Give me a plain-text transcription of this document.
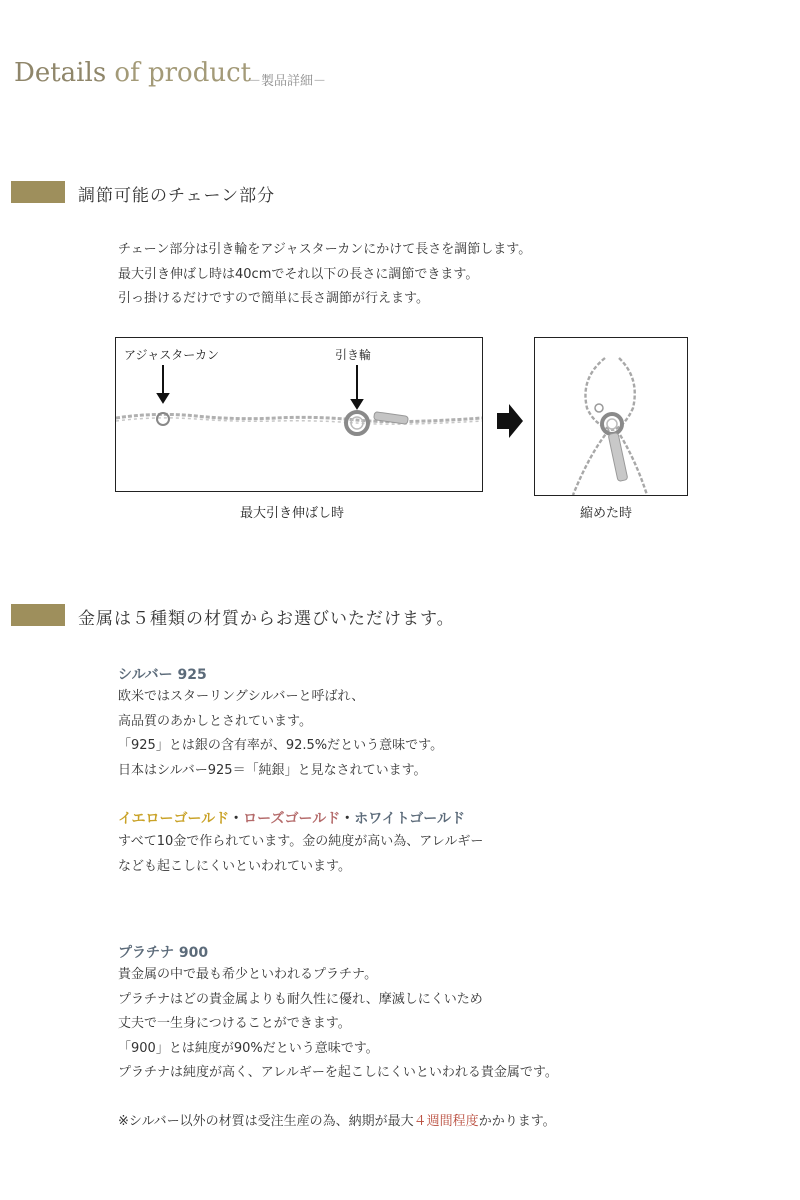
Details of product
－製品詳細－
調節可能のチェーン部分
チェーン部分は引き輪をアジャスターカンにかけて長さを調節します。
最大引き伸ばし時は40cmでそれ以下の長さに調節できます。
引っ掛けるだけですので簡単に長さ調節が行えます。
アジャスターカン	引き輪
最大引き伸ばし時	縮めた時
金属は５種類の材質からお選びいただけます。
シルバー 925
欧米ではスターリングシルバーと呼ばれ、
高品質のあかしとされています。
「925」とは銀の含有率が、92.5%だという意味です。
日本はシルバー925＝「純銀」と見なされています。
イエローゴールド・ローズゴールド・ホワイトゴールド
すべて10金で作られています。金の純度が高い為、アレルギー
なども起こしにくいといわれています。
プラチナ 900
貴金属の中で最も希少といわれるプラチナ。
プラチナはどの貴金属よりも耐久性に優れ、摩滅しにくいため
丈夫で一生身につけることができます。
「900」とは純度が90%だという意味です。
プラチナは純度が高く、アレルギーを起こしにくいといわれる貴金属です。
※シルバー以外の材質は受注生産の為、納期が最大４週間程度かかります。
